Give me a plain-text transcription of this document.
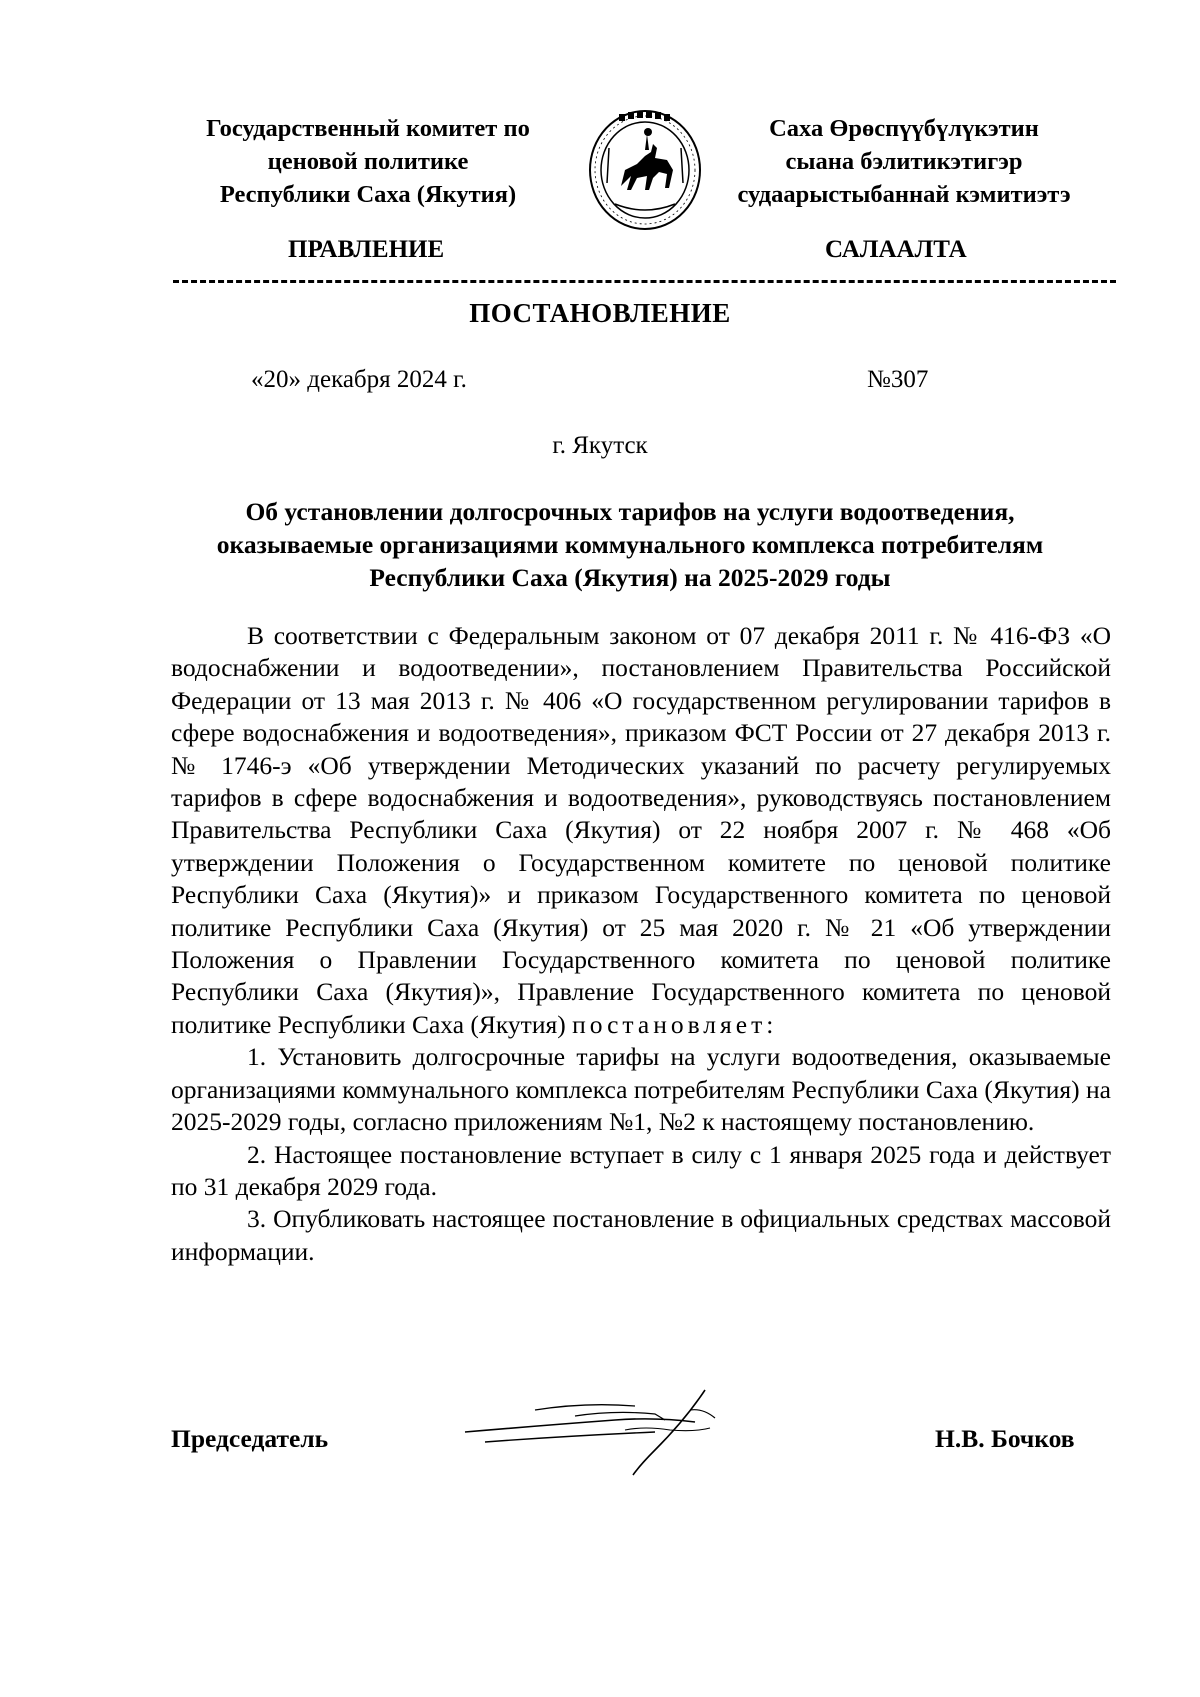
Государственный комитет по
ценовой политике
Республики Саха (Якутия)
Саха Өрөспүүбүлүкэтин
сыана бэлитикэтигэр
судаарыстыбаннай кэмитиэтэ
ПРАВЛЕНИЕ	САЛААЛТА
ПОСТАНОВЛЕНИЕ
«20» декабря 2024 г.	№307
г. Якутск
Об установлении долгосрочных тарифов на услуги водоотведения,
оказываемые организациями коммунального комплекса потребителям
Республики Саха (Якутия) на 2025-2029 годы

В соответствии с Федеральным законом от 07 декабря 2011 г. № 416-ФЗ «О водоснабжении и водоотведении», постановлением Правительства Российской Федерации от 13 мая 2013 г. № 406 «О государственном регулировании тарифов в сфере водоснабжения и водоотведения», приказом ФСТ России от 27 декабря 2013 г. № 1746-э «Об утверждении Методических указаний по расчету регулируемых тарифов в сфере водоснабжения и водоотведения», руководствуясь постановлением Правительства Республики Саха (Якутия) от 22 ноября 2007 г. № 468 «Об утверждении Положения о Государственном комитете по ценовой политике Республики Саха (Якутия)» и приказом Государственного комитета по ценовой политике Республики Саха (Якутия) от 25 мая 2020 г. № 21 «Об утверждении Положения о Правлении Государственного комитета по ценовой политике Республики Саха (Якутия)», Правление Государственного комитета по ценовой политике Республики Саха (Якутия) постановляет:

1. Установить долгосрочные тарифы на услуги водоотведения, оказываемые организациями коммунального комплекса потребителям Республики Саха (Якутия) на 2025-2029 годы, согласно приложениям №1, №2 к настоящему постановлению.

2. Настоящее постановление вступает в силу с 1 января 2025 года и действует по 31 декабря 2029 года.

3. Опубликовать настоящее постановление в официальных средствах массовой информации.

Председатель	Н.В. Бочков
